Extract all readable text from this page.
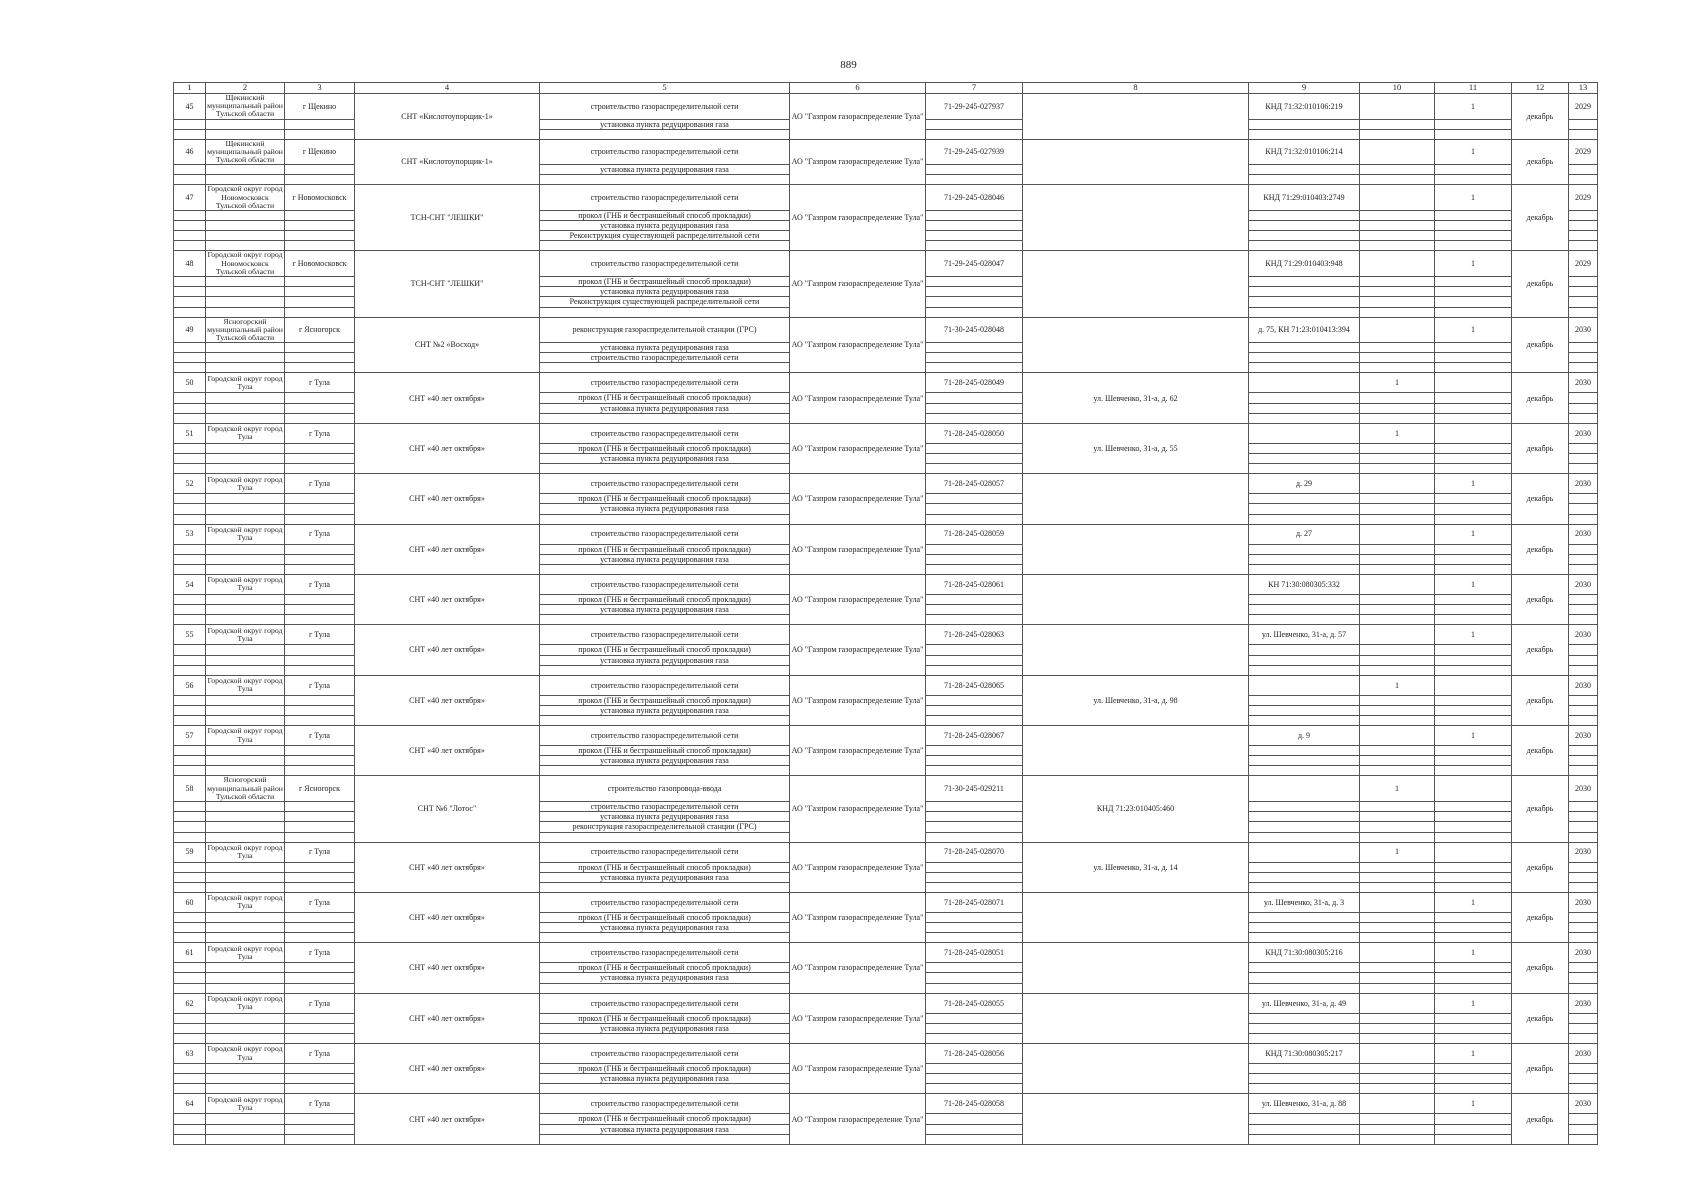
889
1	2	3	4	5	6	7	8	9	10	11	12	13
45	Щекинский муниципальный район Тульской области	г Щекино	СНТ «Кислотоупорщик-1»	строительство газораспределительной сети	АО "Газпром газораспределение Тула"	71-29-245-027937		КНД 71:32:010106:219		1	декабрь	2029
				установка пункта редуцирования газа								

46	Щекинский муниципальный район Тульской области	г Щекино	СНТ «Кислотоупорщик-1»	строительство газораспределительной сети	АО "Газпром газораспределение Тула"	71-29-245-027939		КНД 71:32:010106:214		1	декабрь	2029
				установка пункта редуцирования газа								

47	Городской округ город Новомосковск Тульской области	г Новомосковск	ТСН-СНТ "ЛЕШКИ"	строительство газораспределительной сети	АО "Газпром газораспределение Тула"	71-29-245-028046		КНД 71:29:010403:2749		1	декабрь	2029
				прокол (ГНБ и бестраншейный способ прокладки)								
				установка пункта редуцирования газа								
				Реконструкция существующей распределительной сети								

48	Городской округ город Новомосковск Тульской области	г Новомосковск	ТСН-СНТ "ЛЕШКИ"	строительство газораспределительной сети	АО "Газпром газораспределение Тула"	71-29-245-028047		КНД 71:29:010403:948		1	декабрь	2029
				прокол (ГНБ и бестраншейный способ прокладки)								
				установка пункта редуцирования газа								
				Реконструкция существующей распределительной сети								

49	Ясногорский муниципальный район Тульской области	г Ясногорск	СНТ №2 «Восход»	реконструкция газораспределительной станции (ГРС)	АО "Газпром газораспределение Тула"	71-30-245-028048		д. 75, КН 71:23:010413:394		1	декабрь	2030
				установка пункта редуцирования газа								
				строительство газораспределительной сети								

50	Городской округ город Тула	г Тула	СНТ «40 лет октября»	строительство газораспределительной сети	АО "Газпром газораспределение Тула"	71-28-245-028049	ул. Шевченко, 31-а, д. 62		1		декабрь	2030
				прокол (ГНБ и бестраншейный способ прокладки)								
				установка пункта редуцирования газа								

51	Городской округ город Тула	г Тула	СНТ «40 лет октября»	строительство газораспределительной сети	АО "Газпром газораспределение Тула"	71-28-245-028050	ул. Шевченко, 31-а, д. 55		1		декабрь	2030
				прокол (ГНБ и бестраншейный способ прокладки)								
				установка пункта редуцирования газа								

52	Городской округ город Тула	г Тула	СНТ «40 лет октября»	строительство газораспределительной сети	АО "Газпром газораспределение Тула"	71-28-245-028057		д. 29		1	декабрь	2030
				прокол (ГНБ и бестраншейный способ прокладки)								
				установка пункта редуцирования газа								

53	Городской округ город Тула	г Тула	СНТ «40 лет октября»	строительство газораспределительной сети	АО "Газпром газораспределение Тула"	71-28-245-028059		д. 27		1	декабрь	2030
				прокол (ГНБ и бестраншейный способ прокладки)								
				установка пункта редуцирования газа								

54	Городской округ город Тула	г Тула	СНТ «40 лет октября»	строительство газораспределительной сети	АО "Газпром газораспределение Тула"	71-28-245-028061		КН 71:30:080305:332		1	декабрь	2030
				прокол (ГНБ и бестраншейный способ прокладки)								
				установка пункта редуцирования газа								

55	Городской округ город Тула	г Тула	СНТ «40 лет октября»	строительство газораспределительной сети	АО "Газпром газораспределение Тула"	71-28-245-028063		ул. Шевченко, 31-а, д. 57		1	декабрь	2030
				прокол (ГНБ и бестраншейный способ прокладки)								
				установка пункта редуцирования газа								

56	Городской округ город Тула	г Тула	СНТ «40 лет октября»	строительство газораспределительной сети	АО "Газпром газораспределение Тула"	71-28-245-028065	ул. Шевченко, 31-а, д. 98		1		декабрь	2030
				прокол (ГНБ и бестраншейный способ прокладки)								
				установка пункта редуцирования газа								

57	Городской округ город Тула	г Тула	СНТ «40 лет октября»	строительство газораспределительной сети	АО "Газпром газораспределение Тула"	71-28-245-028067		д. 9		1	декабрь	2030
				прокол (ГНБ и бестраншейный способ прокладки)								
				установка пункта редуцирования газа								

58	Ясногорский муниципальный район Тульской области	г Ясногорск	СНТ №6 "Лотос"	строительство газопровода-ввода	АО "Газпром газораспределение Тула"	71-30-245-029211	КНД 71:23:010405:460		1		декабрь	2030
				строительство газораспределительной сети								
				установка пункта редуцирования газа								
				реконструкция газораспределительной станции (ГРС)								

59	Городской округ город Тула	г Тула	СНТ «40 лет октября»	строительство газораспределительной сети	АО "Газпром газораспределение Тула"	71-28-245-028070	ул. Шевченко, 31-а, д. 14		1		декабрь	2030
				прокол (ГНБ и бестраншейный способ прокладки)								
				установка пункта редуцирования газа								

60	Городской округ город Тула	г Тула	СНТ «40 лет октября»	строительство газораспределительной сети	АО "Газпром газораспределение Тула"	71-28-245-028071		ул. Шевченко, 31-а, д. 3		1	декабрь	2030
				прокол (ГНБ и бестраншейный способ прокладки)								
				установка пункта редуцирования газа								

61	Городской округ город Тула	г Тула	СНТ «40 лет октября»	строительство газораспределительной сети	АО "Газпром газораспределение Тула"	71-28-245-028051		КНД 71:30:080305:216		1	декабрь	2030
				прокол (ГНБ и бестраншейный способ прокладки)								
				установка пункта редуцирования газа								

62	Городской округ город Тула	г Тула	СНТ «40 лет октября»	строительство газораспределительной сети	АО "Газпром газораспределение Тула"	71-28-245-028055		ул. Шевченко, 31-а, д. 49		1	декабрь	2030
				прокол (ГНБ и бестраншейный способ прокладки)								
				установка пункта редуцирования газа								

63	Городской округ город Тула	г Тула	СНТ «40 лет октября»	строительство газораспределительной сети	АО "Газпром газораспределение Тула"	71-28-245-028056		КНД 71:30:080305:217		1	декабрь	2030
				прокол (ГНБ и бестраншейный способ прокладки)								
				установка пункта редуцирования газа								

64	Городской округ город Тула	г Тула	СНТ «40 лет октября»	строительство газораспределительной сети	АО "Газпром газораспределение Тула"	71-28-245-028058		ул. Шевченко, 31-а, д. 88		1	декабрь	2030
				прокол (ГНБ и бестраншейный способ прокладки)								
				установка пункта редуцирования газа								
